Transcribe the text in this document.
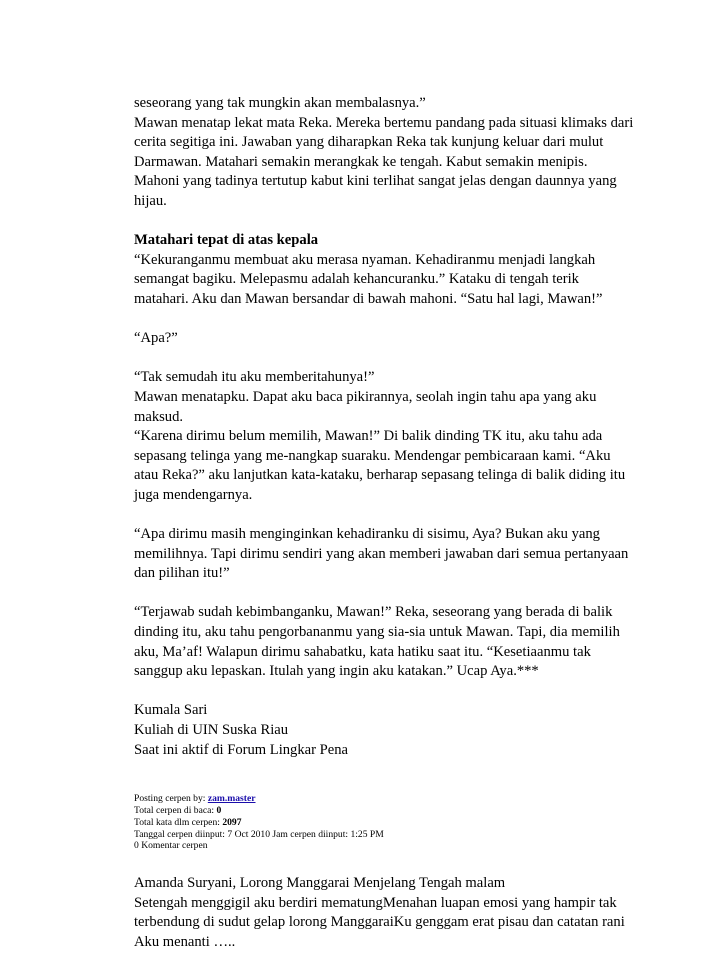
seseorang yang tak mungkin akan membalasnya.”

Mawan menatap lekat mata Reka. Mereka bertemu pandang pada situasi klimaks dari cerita segitiga ini. Jawaban yang diharapkan Reka tak kunjung keluar dari mulut Darmawan. Matahari semakin merangkak ke tengah. Kabut semakin menipis. Mahoni yang tadinya tertutup kabut kini terlihat sangat jelas dengan daunnya yang hijau.

Matahari tepat di atas kepala

“Kekuranganmu membuat aku merasa nyaman. Kehadiranmu menjadi langkah semangat bagiku. Melepasmu adalah kehancuranku.” Kataku di tengah terik matahari. Aku dan Mawan bersandar di bawah mahoni. “Satu hal lagi, Mawan!”

“Apa?”

“Tak semudah itu aku memberitahunya!”

Mawan menatapku. Dapat aku baca pikirannya, seolah ingin tahu apa yang aku maksud.

“Karena dirimu belum memilih, Mawan!” Di balik dinding TK itu, aku tahu ada sepasang telinga yang me-nangkap suaraku. Mendengar pembicaraan kami. “Aku atau Reka?” aku lanjutkan kata-kataku, berharap sepasang telinga di balik diding itu juga mendengarnya.

“Apa dirimu masih menginginkan kehadiranku di sisimu, Aya? Bukan aku yang memilihnya. Tapi dirimu sendiri yang akan memberi jawaban dari semua pertanyaan dan pilihan itu!”

“Terjawab sudah kebimbanganku, Mawan!” Reka, seseorang yang berada di balik dinding itu, aku tahu pengorbananmu yang sia-sia untuk Mawan. Tapi, dia memilih aku, Ma’af! Walapun dirimu sahabatku, kata hatiku saat itu. “Kesetiaanmu tak sanggup aku lepaskan. Itulah yang ingin aku katakan.” Ucap Aya.***

Kumala Sari

Kuliah di UIN Suska Riau

Saat ini aktif di Forum Lingkar Pena

Posting cerpen by: zam.master

Total cerpen di baca: 0

Total kata dlm cerpen: 2097

Tanggal cerpen diinput: 7 Oct 2010 Jam cerpen diinput: 1:25 PM

0 Komentar cerpen

Amanda Suryani, Lorong Manggarai Menjelang Tengah malam

Setengah menggigil aku berdiri mematungMenahan luapan emosi yang hampir tak terbendung di sudut gelap lorong ManggaraiKu genggam erat pisau dan catatan rani Aku menanti …..
